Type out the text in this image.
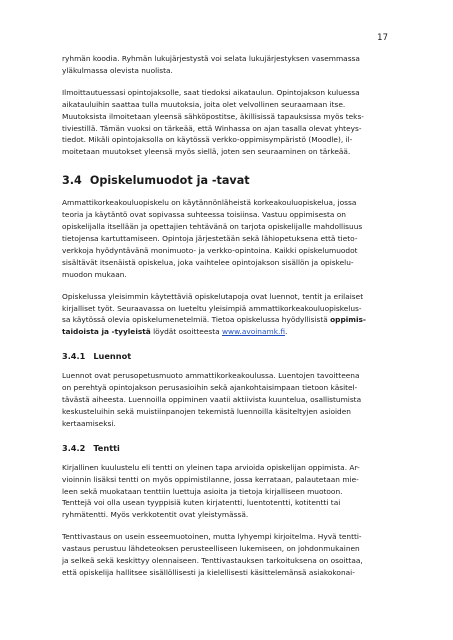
17

ryhmän koodia. Ryhmän lukujärjestystä voi selata lukujärjestyksen vasemmassa
yläkulmassa olevista nuolista.

Ilmoittautuessasi opintojaksolle, saat tiedoksi aikataulun. Opintojakson kuluessa
aikatauluihin saattaa tulla muutoksia, joita olet velvollinen seuraamaan itse.
Muutoksista ilmoitetaan yleensä sähköpostitse, äkillisissä tapauksissa myös teks-
tiviestillä. Tämän vuoksi on tärkeää, että Winhassa on ajan tasalla olevat yhteys-
tiedot. Mikäli opintojaksolla on käytössä verkko-oppimisympäristö (Moodle), il-
moitetaan muutokset yleensä myös siellä, joten sen seuraaminen on tärkeää.

3.4 Opiskelumuodot ja -tavat

Ammattikorkeakouluopiskelu on käytännönläheistä korkeakouluopiskelua, jossa
teoria ja käytäntö ovat sopivassa suhteessa toisiinsa. Vastuu oppimisesta on
opiskelijalla itsellään ja opettajien tehtävänä on tarjota opiskelijalle mahdollisuus
tietojensa kartuttamiseen. Opintoja järjestetään sekä lähiopetuksena että tieto-
verkkoja hyödyntävänä monimuoto- ja verkko-opintoina. Kaikki opiskelumuodot
sisältävät itsenäistä opiskelua, joka vaihtelee opintojakson sisällön ja opiskelu-
muodon mukaan.

Opiskelussa yleisimmin käytettäviä opiskelutapoja ovat luennot, tentit ja erilaiset
kirjalliset työt. Seuraavassa on lueteltu yleisimpiä ammattikorkeakouluopiskelus-
sa käytössä olevia opiskelumenetelmiä. Tietoa opiskelussa hyödyllisistä oppimis-
taidoista ja -tyyleistä löydät osoitteesta www.avoinamk.fi.

3.4.1 Luennot

Luennot ovat perusopetusmuoto ammattikorkeakoulussa. Luentojen tavoitteena
on perehtyä opintojakson perusasioihin sekä ajankohtaisimpaan tietoon käsitel-
tävästä aiheesta. Luennoilla oppiminen vaatii aktiivista kuuntelua, osallistumista
keskusteluihin sekä muistiinpanojen tekemistä luennoilla käsiteltyjen asioiden
kertaamiseksi.

3.4.2 Tentti

Kirjallinen kuulustelu eli tentti on yleinen tapa arvioida opiskelijan oppimista. Ar-
vioinnin lisäksi tentti on myös oppimistilanne, jossa kerrataan, palautetaan mie-
leen sekä muokataan tenttiin luettuja asioita ja tietoja kirjalliseen muotoon.
Tenttejä voi olla usean tyyppisiä kuten kirjatentti, luentotentti, kotitentti tai
ryhmätentti. Myös verkkotentit ovat yleistymässä.

Tenttivastaus on usein esseemuotoinen, mutta lyhyempi kirjoitelma. Hyvä tentti-
vastaus perustuu lähdeteoksen perusteelliseen lukemiseen, on johdonmukainen
ja selkeä sekä keskittyy olennaiseen. Tenttivastauksen tarkoituksena on osoittaa,
että opiskelija hallitsee sisällöllisesti ja kielellisesti käsittelemänsä asiakokonai-
